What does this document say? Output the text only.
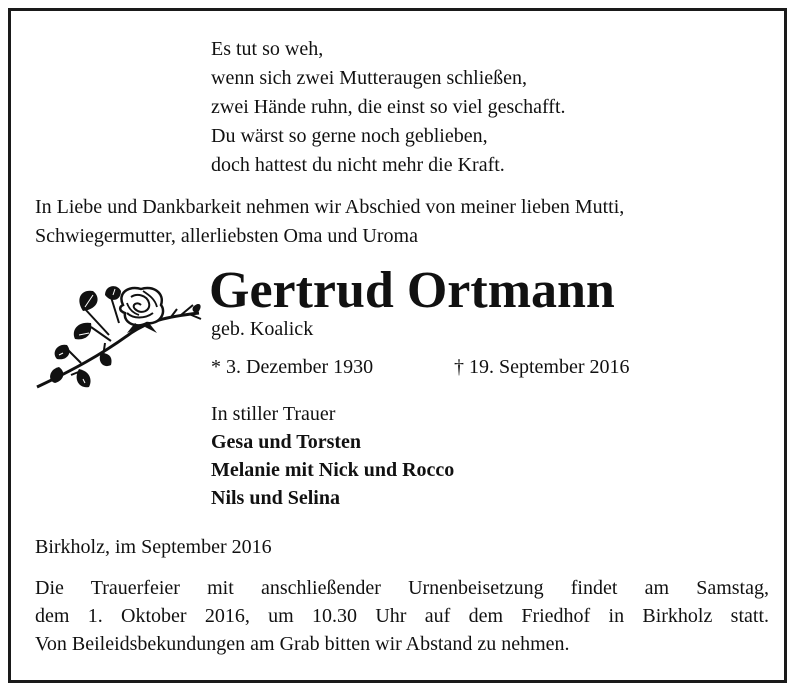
Es tut so weh,
wenn sich zwei Mutteraugen schließen,
zwei Hände ruhn, die einst so viel geschafft.
Du wärst so gerne noch geblieben,
doch hattest du nicht mehr die Kraft.
In Liebe und Dankbarkeit nehmen wir Abschied von meiner lieben Mutti,
Schwiegermutter, allerliebsten Oma und Uroma
Gertrud Ortmann
geb. Koalick
* 3. Dezember 1930	† 19. September 2016
In stiller Trauer
Gesa und Torsten
Melanie mit Nick und Rocco
Nils und Selina
Birkholz, im September 2016
Die Trauerfeier mit anschließender Urnenbeisetzung findet am Samstag,
dem 1. Oktober 2016, um 10.30 Uhr auf dem Friedhof in Birkholz statt.
Von Beileidsbekundungen am Grab bitten wir Abstand zu nehmen.
